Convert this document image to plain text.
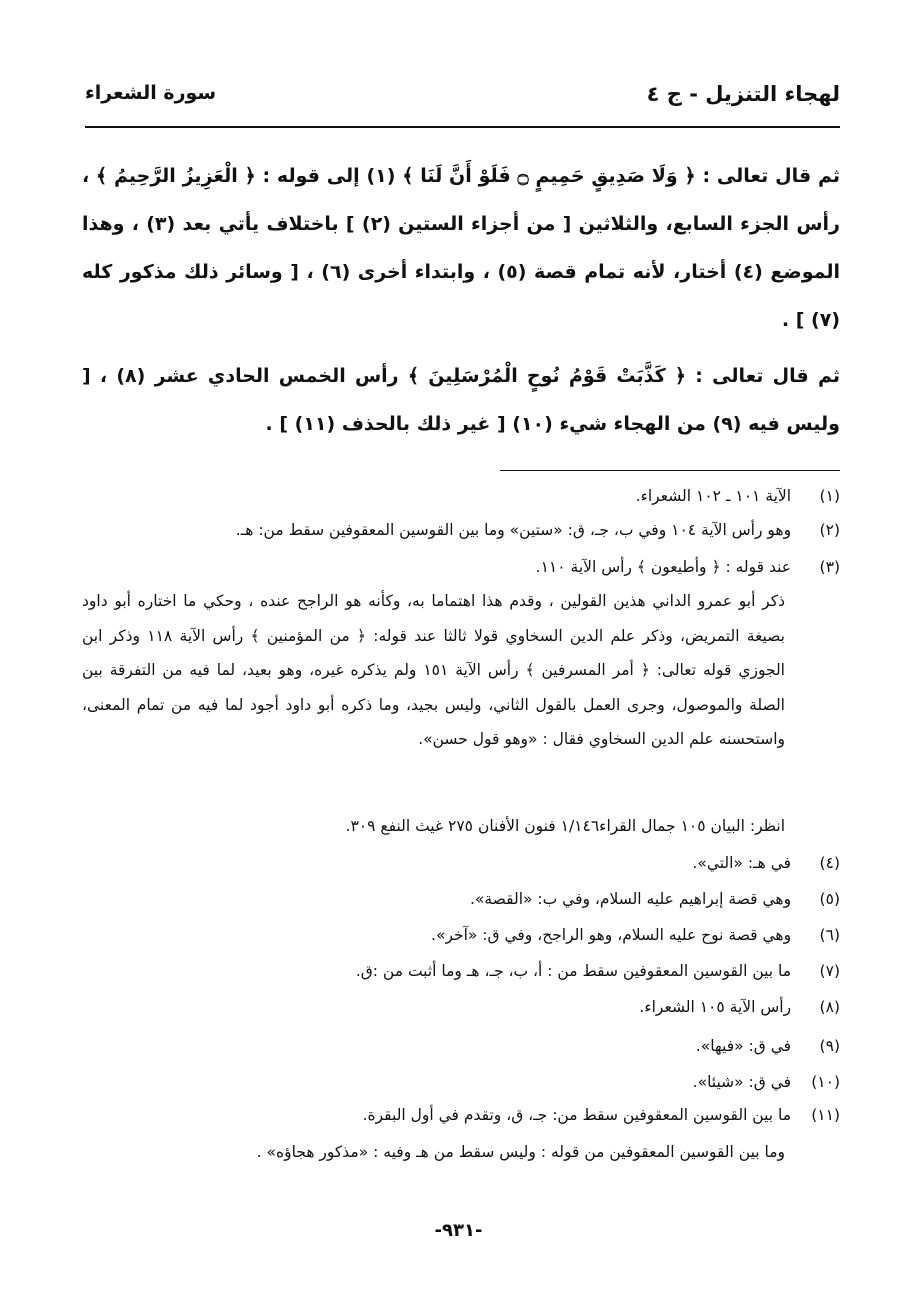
لهجاء التنزيل - ج ٤
سورة الشعراء
ثم قال تعالى : ﴿ وَلَا صَدِيقٍ حَمِيمٍ ۝ فَلَوْ أَنَّ لَنَا ﴾ (١) إلى قوله : ﴿ الْعَزِيزُ الرَّحِيمُ ﴾ ، رأس الجزء السابع، والثلاثين [ من أجزاء الستين (٢) ] باختلاف يأتي بعد (٣) ، وهذا الموضع (٤) أختار، لأنه تمام قصة (٥) ، وابتداء أخرى (٦) ، [ وسائر ذلك مذكور كله (٧) ] .
ثم قال تعالى : ﴿ كَذَّبَتْ قَوْمُ نُوحٍ الْمُرْسَلِينَ ﴾ رأس الخمس الحادي عشر (٨) ، [ وليس فيه (٩) من الهجاء شيء (١٠) [ غير ذلك بالحذف (١١) ] .
(١) الآية ١٠١ ـ ١٠٢ الشعراء.
(٢) وهو رأس الآية ١٠٤ وفي ب، جـ، ق: «ستين» وما بين القوسين المعقوفين سقط من: هـ.
(٣) عند قوله : ﴿ وأطيعون ﴾ رأس الآية ١١٠.
ذكر أبو عمرو الداني هذين القولين ، وقدم هذا اهتماما به، وكأنه هو الراجح عنده ، وحكي ما اختاره أبو داود بصيغة التمريض، وذكر علم الدين السخاوي قولا ثالثا عند قوله: ﴿ من المؤمنين ﴾ رأس الآية ١١٨ وذكر ابن الجوزي قوله تعالى: ﴿ أمر المسرفين ﴾ رأس الآية ١٥١ ولم يذكره غيره، وهو بعيد، لما فيه من التفرقة بين الصلة والموصول، وجرى العمل بالقول الثاني، وليس بجيد، وما ذكره أبو داود أجود لما فيه من تمام المعنى، واستحسنه علم الدين السخاوي فقال : «وهو قول حسن».
انظر: البيان ١٠٥ جمال القراء١/١٤٦ فنون الأفنان ٢٧٥ غيث النفع ٣٠٩.
(٤) في هـ: «التي».
(٥) وهي قصة إبراهيم عليه السلام، وفي ب: «القصة».
(٦) وهي قصة نوح عليه السلام، وهو الراجح، وفي ق: «آخر».
(٧) ما بين القوسين المعقوفين سقط من : أ، ب، جـ، هـ وما أثبت من :ق.
(٨) رأس الآية ١٠٥ الشعراء.
(٩) في ق: «فيها».
(١٠) في ق: «شيئا».
(١١) ما بين القوسين المعقوفين سقط من: جـ، ق، وتقدم في أول البقرة.
وما بين القوسين المعقوفين من قوله : وليس سقط من هـ وفيه : «مذكور هجاؤه» .
-٩٣١-
